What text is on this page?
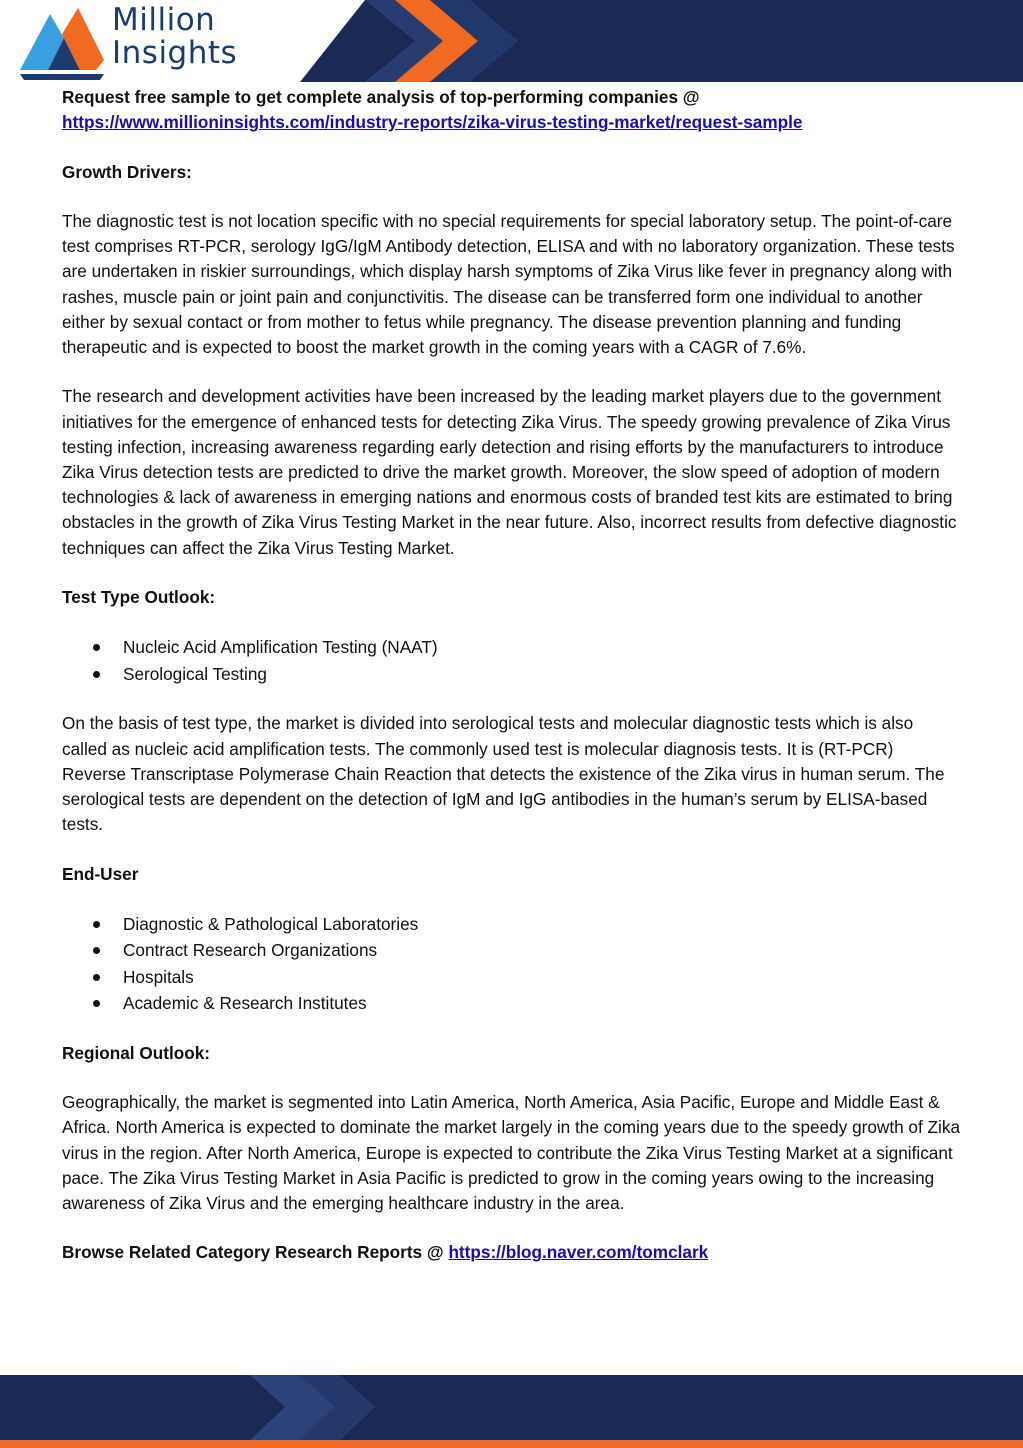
Million
Insights

Request free sample to get complete analysis of top-performing companies @

https://www.millioninsights.com/industry-reports/zika-virus-testing-market/request-sample

Growth Drivers:

The diagnostic test is not location specific with no special requirements for special laboratory setup. The point-of-care test comprises RT-PCR, serology IgG/IgM Antibody detection, ELISA and with no laboratory organization. These tests are undertaken in riskier surroundings, which display harsh symptoms of Zika Virus like fever in pregnancy along with rashes, muscle pain or joint pain and conjunctivitis. The disease can be transferred form one individual to another either by sexual contact or from mother to fetus while pregnancy. The disease prevention planning and funding therapeutic and is expected to boost the market growth in the coming years with a CAGR of 7.6%.

The research and development activities have been increased by the leading market players due to the government initiatives for the emergence of enhanced tests for detecting Zika Virus. The speedy growing prevalence of Zika Virus testing infection, increasing awareness regarding early detection and rising efforts by the manufacturers to introduce Zika Virus detection tests are predicted to drive the market growth. Moreover, the slow speed of adoption of modern technologies & lack of awareness in emerging nations and enormous costs of branded test kits are estimated to bring obstacles in the growth of Zika Virus Testing Market in the near future. Also, incorrect results from defective diagnostic techniques can affect the Zika Virus Testing Market.

Test Type Outlook:

Nucleic Acid Amplification Testing (NAAT)
Serological Testing

On the basis of test type, the market is divided into serological tests and molecular diagnostic tests which is also called as nucleic acid amplification tests. The commonly used test is molecular diagnosis tests. It is (RT-PCR) Reverse Transcriptase Polymerase Chain Reaction that detects the existence of the Zika virus in human serum. The serological tests are dependent on the detection of IgM and IgG antibodies in the human’s serum by ELISA-based tests.

End-User

Diagnostic & Pathological Laboratories
Contract Research Organizations
Hospitals
Academic & Research Institutes

Regional Outlook:

Geographically, the market is segmented into Latin America, North America, Asia Pacific, Europe and Middle East & Africa. North America is expected to dominate the market largely in the coming years due to the speedy growth of Zika virus in the region. After North America, Europe is expected to contribute the Zika Virus Testing Market at a significant pace. The Zika Virus Testing Market in Asia Pacific is predicted to grow in the coming years owing to the increasing awareness of Zika Virus and the emerging healthcare industry in the area.

Browse Related Category Research Reports @ https://blog.naver.com/tomclark
